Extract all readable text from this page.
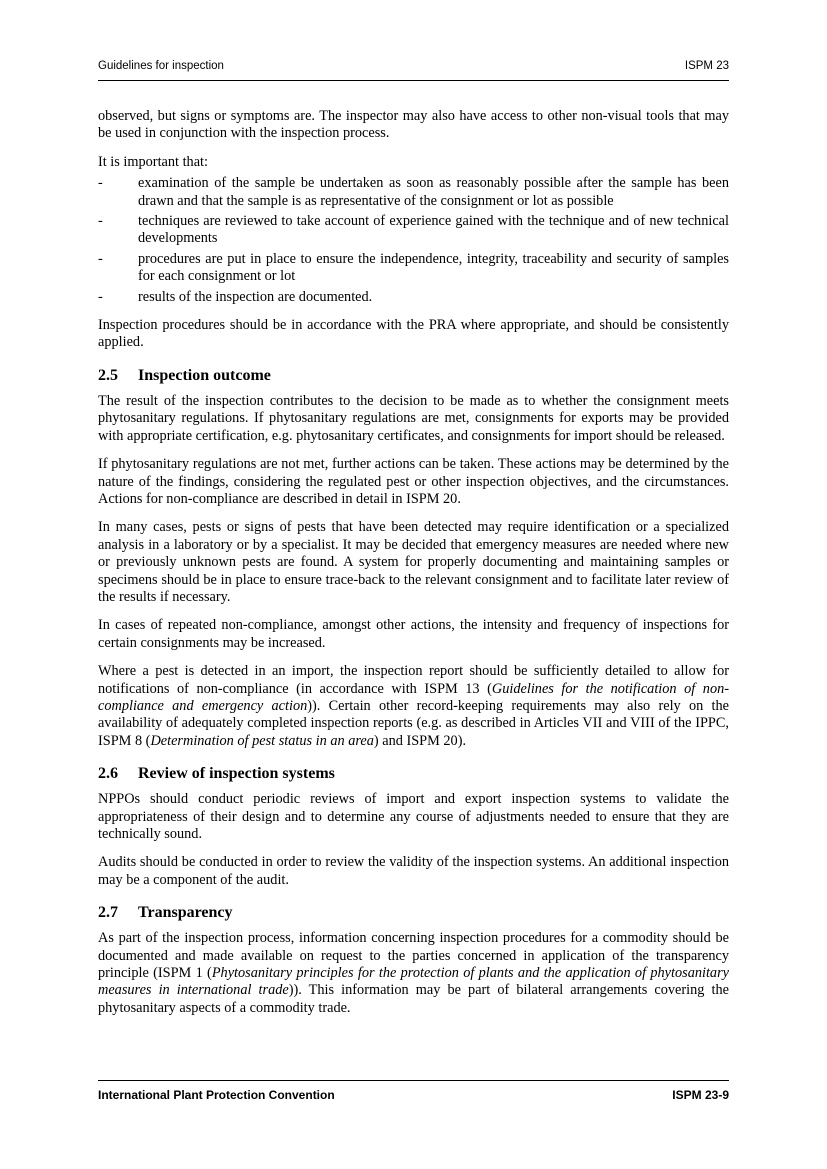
Guidelines for inspection	ISPM 23

observed, but signs or symptoms are. The inspector may also have access to other non-visual tools that may be used in conjunction with the inspection process.

It is important that:

- examination of the sample be undertaken as soon as reasonably possible after the sample has been drawn and that the sample is as representative of the consignment or lot as possible
- techniques are reviewed to take account of experience gained with the technique and of new technical developments
- procedures are put in place to ensure the independence, integrity, traceability and security of samples for each consignment or lot
- results of the inspection are documented.

Inspection procedures should be in accordance with the PRA where appropriate, and should be consistently applied.

2.5 Inspection outcome

The result of the inspection contributes to the decision to be made as to whether the consignment meets phytosanitary regulations. If phytosanitary regulations are met, consignments for exports may be provided with appropriate certification, e.g. phytosanitary certificates, and consignments for import should be released.

If phytosanitary regulations are not met, further actions can be taken. These actions may be determined by the nature of the findings, considering the regulated pest or other inspection objectives, and the circumstances. Actions for non-compliance are described in detail in ISPM 20.

In many cases, pests or signs of pests that have been detected may require identification or a specialized analysis in a laboratory or by a specialist. It may be decided that emergency measures are needed where new or previously unknown pests are found. A system for properly documenting and maintaining samples or specimens should be in place to ensure trace-back to the relevant consignment and to facilitate later review of the results if necessary.

In cases of repeated non-compliance, amongst other actions, the intensity and frequency of inspections for certain consignments may be increased.

Where a pest is detected in an import, the inspection report should be sufficiently detailed to allow for notifications of non-compliance (in accordance with ISPM 13 (Guidelines for the notification of non-compliance and emergency action)). Certain other record-keeping requirements may also rely on the availability of adequately completed inspection reports (e.g. as described in Articles VII and VIII of the IPPC, ISPM 8 (Determination of pest status in an area) and ISPM 20).

2.6 Review of inspection systems

NPPOs should conduct periodic reviews of import and export inspection systems to validate the appropriateness of their design and to determine any course of adjustments needed to ensure that they are technically sound.

Audits should be conducted in order to review the validity of the inspection systems. An additional inspection may be a component of the audit.

2.7 Transparency

As part of the inspection process, information concerning inspection procedures for a commodity should be documented and made available on request to the parties concerned in application of the transparency principle (ISPM 1 (Phytosanitary principles for the protection of plants and the application of phytosanitary measures in international trade)). This information may be part of bilateral arrangements covering the phytosanitary aspects of a commodity trade.

International Plant Protection Convention	ISPM 23-9
